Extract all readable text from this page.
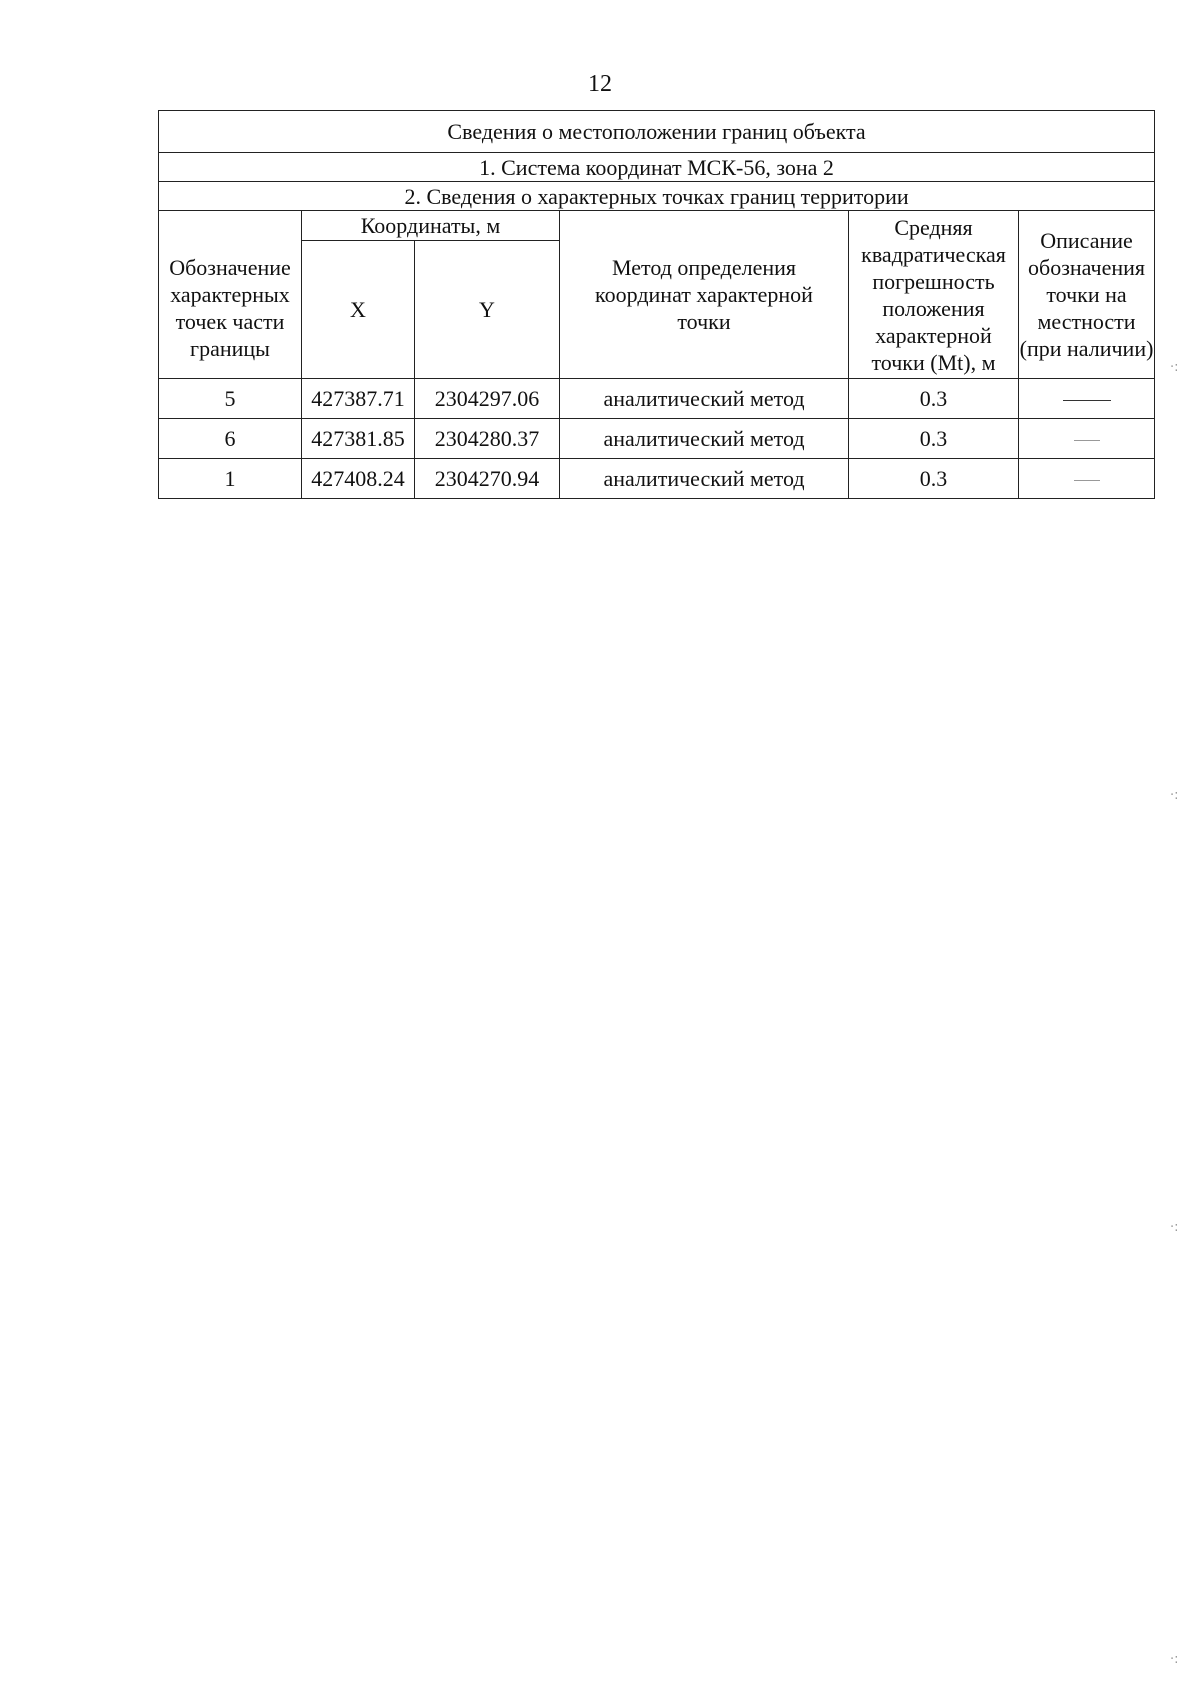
12
Сведения о местоположении границ объекта					
1. Система координат МСК-56, зона 2					
2. Сведения о характерных точках границ территории					
Обозначение характерных точек части границы	Координаты, м		Метод определения координат характерной точки	Средняя квадратическая погрешность положения характерной точки (Mt), м	Описание обозначения точки на местности (при наличии)
	X	Y			
5	427387.71	2304297.06	аналитический метод	0.3	
6	427381.85	2304280.37	аналитический метод	0.3	
1	427408.24	2304270.94	аналитический метод	0.3	
·:
·:
·:
·:
